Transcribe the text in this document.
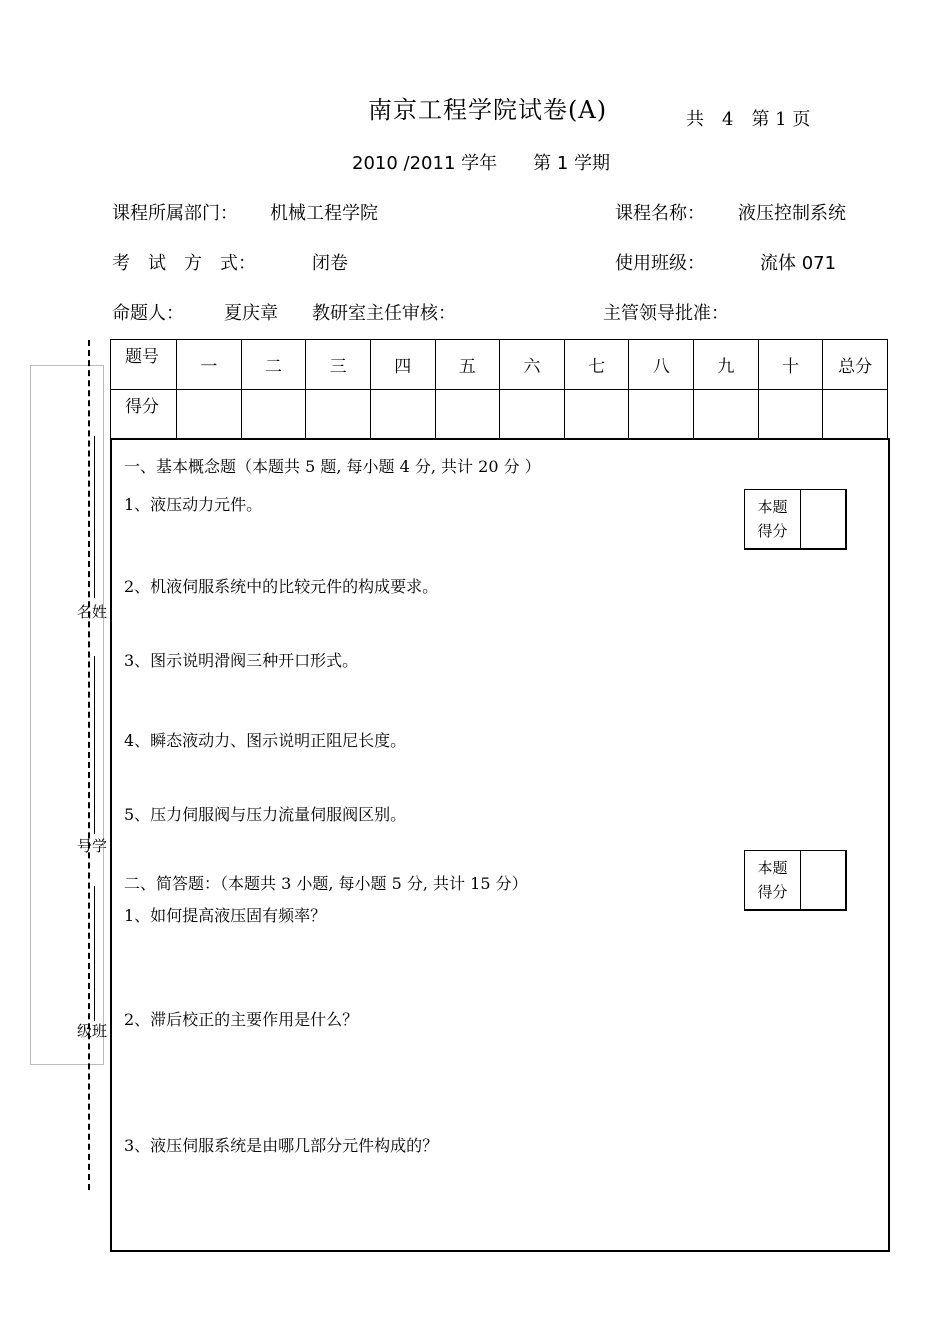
南京工程学院试卷(A)	共　4　第 1 页
2010 /2011 学年　　第 1 学期
课程所属部门： 机械工程学院	课程名称： 液压控制系统
考　试　方　式：	闭卷	使用班级：	流体 071
命题人： 夏庆章 教研室主任审核：	主管领导批准：
名姓
号学
级班
题号	一	二	三	四	五	六	七	八	九	十	总分
得分											
一、基本概念题（本题共 5 题, 每小题 4 分, 共计 20 分 ）
1、液压动力元件。
2、机液伺服系统中的比较元件的构成要求。
3、图示说明滑阀三种开口形式。
4、瞬态液动力、图示说明正阻尼长度。
5、压力伺服阀与压力流量伺服阀区别。
本题
得分
二、简答题：（本题共 3 小题, 每小题 5 分, 共计 15 分）
1、如何提高液压固有频率？
2、滞后校正的主要作用是什么？
3、液压伺服系统是由哪几部分元件构成的？
本题
得分
